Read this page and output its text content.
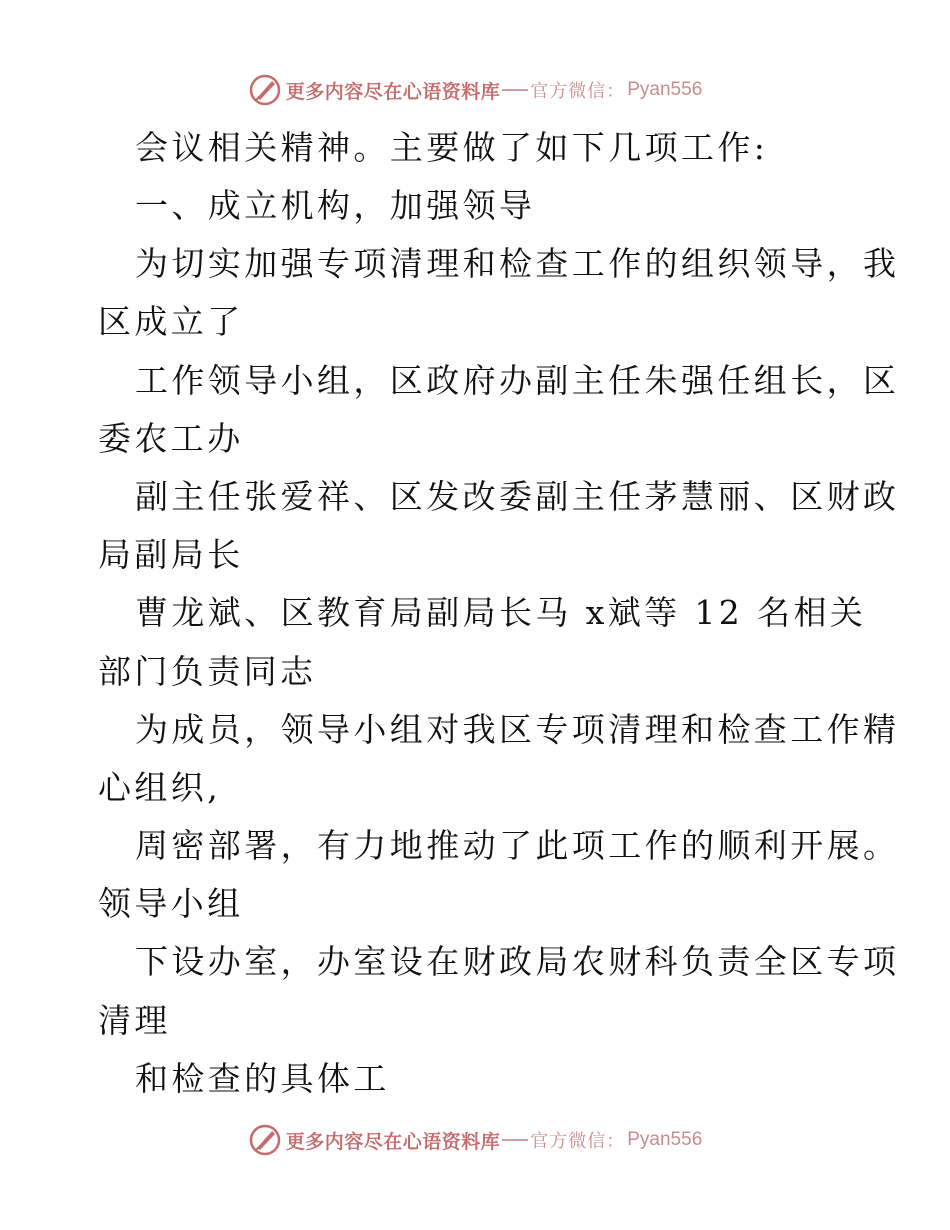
更多内容尽在心语资料库 官方微信： Pyan556
会议相关精神。主要做了如下几项工作:
一、成立机构，加强领导
为切实加强专项清理和检查工作的组织领导，我
区成立了
工作领导小组，区政府办副主任朱强任组长，区
委农工办
副主任张爱祥、区发改委副主任茅慧丽、区财政
局副局长
曹龙斌、区教育局副局长马 x斌等 12 名相关
部门负责同志
为成员，领导小组对我区专项清理和检查工作精
心组织,
周密部署，有力地推动了此项工作的顺利开展。
领导小组
下设办室，办室设在财政局农财科负责全区专项
清理
和检查的具体工
更多内容尽在心语资料库 官方微信： Pyan556
